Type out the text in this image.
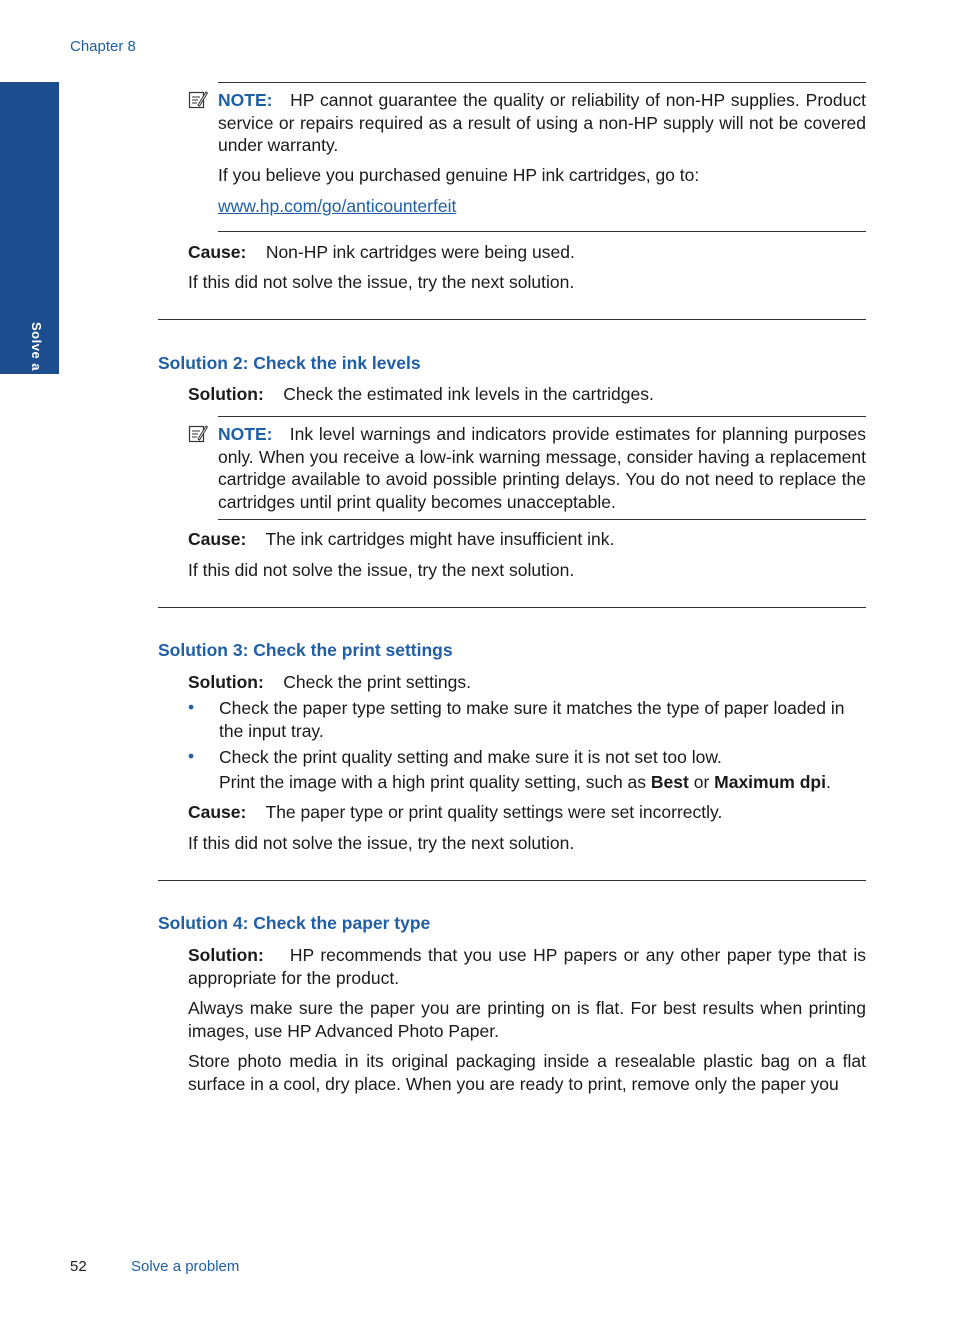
Chapter 8
Solve a problem

NOTE: HP cannot guarantee the quality or reliability of non-HP supplies. Product service or repairs required as a result of using a non-HP supply will not be covered under warranty.

If you believe you purchased genuine HP ink cartridges, go to:

www.hp.com/go/anticounterfeit

Cause: Non-HP ink cartridges were being used.

If this did not solve the issue, try the next solution.

Solution 2: Check the ink levels

Solution: Check the estimated ink levels in the cartridges.

NOTE: Ink level warnings and indicators provide estimates for planning purposes only. When you receive a low-ink warning message, consider having a replacement cartridge available to avoid possible printing delays. You do not need to replace the cartridges until print quality becomes unacceptable.

Cause: The ink cartridges might have insufficient ink.

If this did not solve the issue, try the next solution.

Solution 3: Check the print settings

Solution: Check the print settings.

• Check the paper type setting to make sure it matches the type of paper loaded in the input tray.

• Check the print quality setting and make sure it is not set too low.

Print the image with a high print quality setting, such as Best or Maximum dpi.

Cause: The paper type or print quality settings were set incorrectly.

If this did not solve the issue, try the next solution.

Solution 4: Check the paper type

Solution: HP recommends that you use HP papers or any other paper type that is appropriate for the product.

Always make sure the paper you are printing on is flat. For best results when printing images, use HP Advanced Photo Paper.

Store photo media in its original packaging inside a resealable plastic bag on a flat surface in a cool, dry place. When you are ready to print, remove only the paper you

52	Solve a problem
